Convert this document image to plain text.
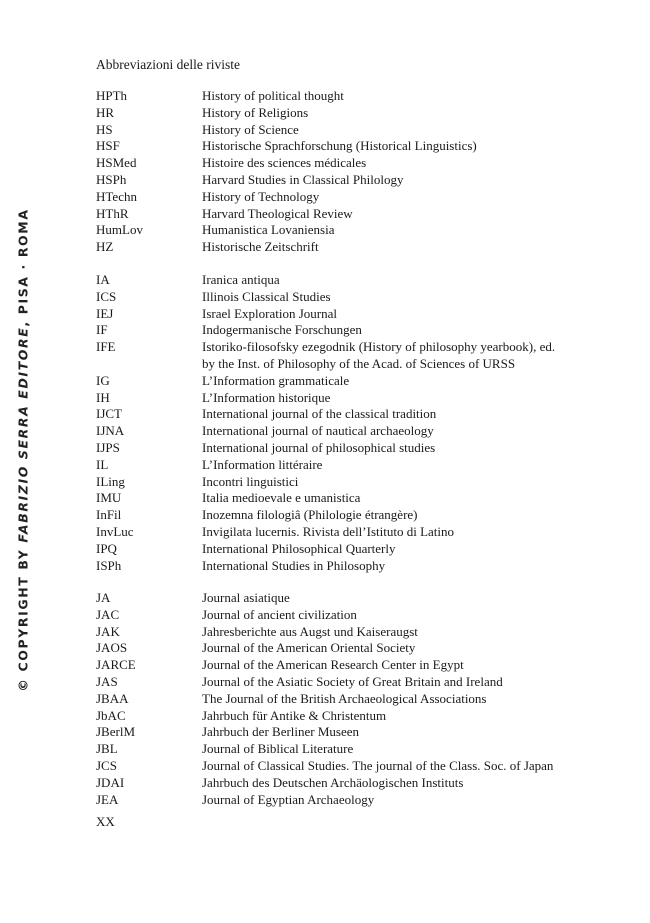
© COPYRIGHT BY FABRIZIO SERRA EDITORE, PISA · ROMA
Abbreviazioni delle riviste
HPTh	History of political thought
HR	History of Religions
HS	History of Science
HSF	Historische Sprachforschung (Historical Linguistics)
HSMed	Histoire des sciences médicales
HSPh	Harvard Studies in Classical Philology
HTechn	History of Technology
HThR	Harvard Theological Review
HumLov	Humanistica Lovaniensia
HZ	Historische Zeitschrift
IA	Iranica antiqua
ICS	Illinois Classical Studies
IEJ	Israel Exploration Journal
IF	Indogermanische Forschungen
IFE	Istoriko-filosofsky ezegodnik (History of philosophy yearbook), ed.
by the Inst. of Philosophy of the Acad. of Sciences of URSS
IG	L’Information grammaticale
IH	L’Information historique
IJCT	International journal of the classical tradition
IJNA	International journal of nautical archaeology
IJPS	International journal of philosophical studies
IL	L’Information littéraire
ILing	Incontri linguistici
IMU	Italia medioevale e umanistica
InFil	Inozemna filologiâ (Philologie étrangère)
InvLuc	Invigilata lucernis. Rivista dell’Istituto di Latino
IPQ	International Philosophical Quarterly
ISPh	International Studies in Philosophy
JA	Journal asiatique
JAC	Journal of ancient civilization
JAK	Jahresberichte aus Augst und Kaiseraugst
JAOS	Journal of the American Oriental Society
JARCE	Journal of the American Research Center in Egypt
JAS	Journal of the Asiatic Society of Great Britain and Ireland
JBAA	The Journal of the British Archaeological Associations
JbAC	Jahrbuch für Antike & Christentum
JBerlM	Jahrbuch der Berliner Museen
JBL	Journal of Biblical Literature
JCS	Journal of Classical Studies. The journal of the Class. Soc. of Japan
JDAI	Jahrbuch des Deutschen Archäologischen Instituts
JEA	Journal of Egyptian Archaeology
XX
